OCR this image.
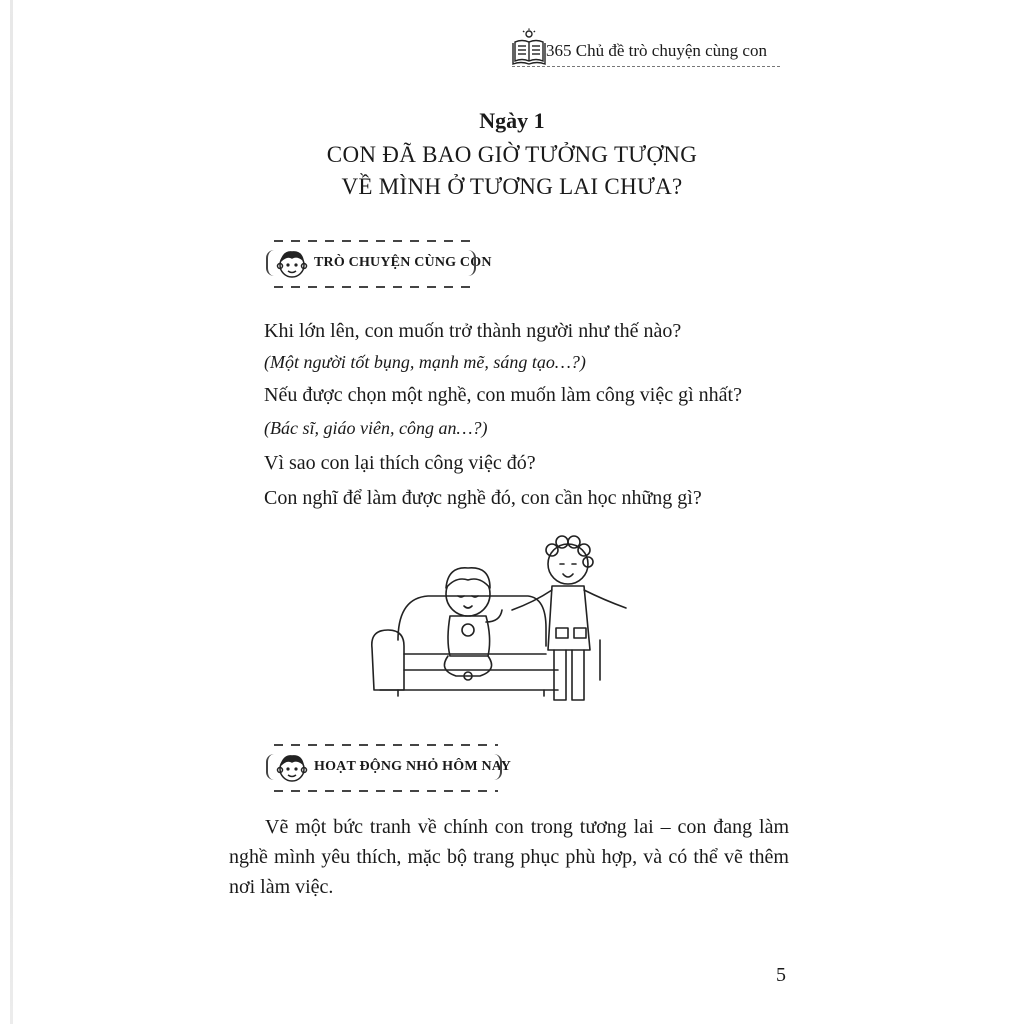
365 Chủ đề trò chuyện cùng con
Ngày 1
CON ĐÃ BAO GIỜ TƯỞNG TƯỢNG
VỀ MÌNH Ở TƯƠNG LAI CHƯA?
TRÒ CHUYỆN CÙNG CON
Khi lớn lên, con muốn trở thành người như thế nào?
(Một người tốt bụng, mạnh mẽ, sáng tạo…?)
Nếu được chọn một nghề, con muốn làm công việc gì nhất?
(Bác sĩ, giáo viên, công an…?)
Vì sao con lại thích công việc đó?
Con nghĩ để làm được nghề đó, con cần học những gì?
HOẠT ĐỘNG NHỎ HÔM NAY

Vẽ một bức tranh về chính con trong tương lai – con đang làm nghề mình yêu thích, mặc bộ trang phục phù hợp, và có thể vẽ thêm nơi làm việc.

5
